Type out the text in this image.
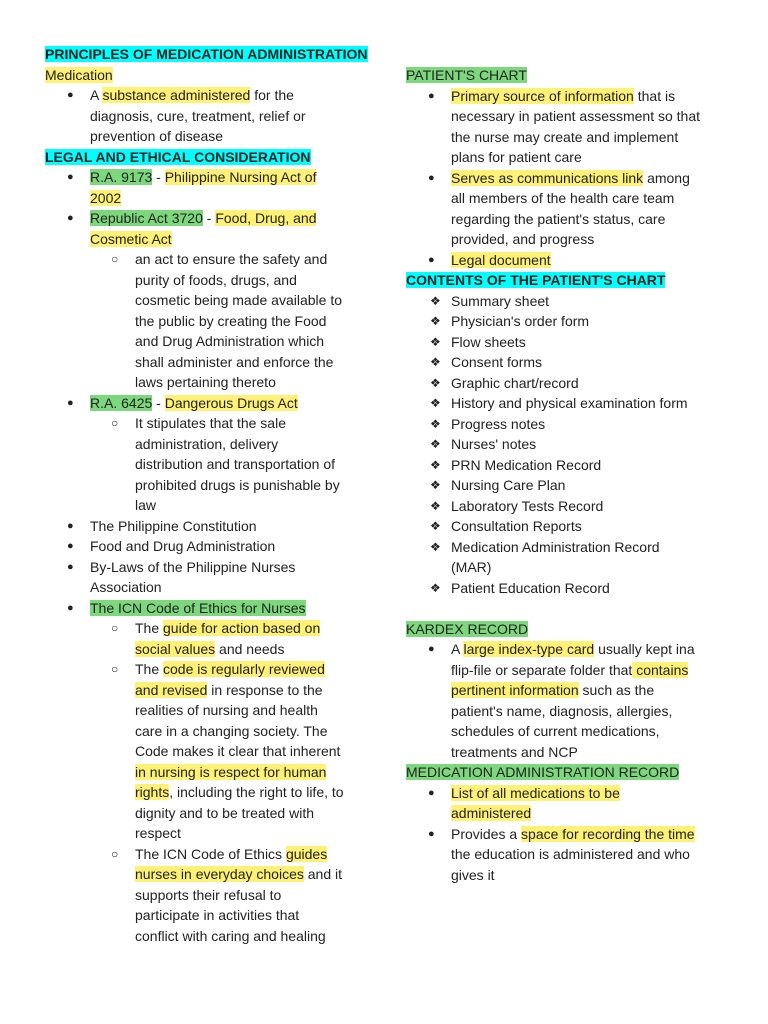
PRINCIPLES OF MEDICATION ADMINISTRATION
Medication
● A substance administered for the
diagnosis, cure, treatment, relief or
prevention of disease
LEGAL AND ETHICAL CONSIDERATION
● R.A. 9173 - Philippine Nursing Act of
2002
● Republic Act 3720 - Food, Drug, and
Cosmetic Act
○ an act to ensure the safety and
purity of foods, drugs, and
cosmetic being made available to
the public by creating the Food
and Drug Administration which
shall administer and enforce the
laws pertaining thereto
● R.A. 6425 - Dangerous Drugs Act
○ It stipulates that the sale
administration, delivery
distribution and transportation of
prohibited drugs is punishable by
law
● The Philippine Constitution
● Food and Drug Administration
● By-Laws of the Philippine Nurses
Association
● The ICN Code of Ethics for Nurses
○ The guide for action based on
social values and needs
○ The code is regularly reviewed
and revised in response to the
realities of nursing and health
care in a changing society. The
Code makes it clear that inherent
in nursing is respect for human
rights, including the right to life, to
dignity and to be treated with
respect
○ The ICN Code of Ethics guides
nurses in everyday choices and it
supports their refusal to
participate in activities that
conflict with caring and healing
PATIENT'S CHART
● Primary source of information that is
necessary in patient assessment so that
the nurse may create and implement
plans for patient care
● Serves as communications link among
all members of the health care team
regarding the patient's status, care
provided, and progress
● Legal document
CONTENTS OF THE PATIENT'S CHART
❖ Summary sheet
❖ Physician's order form
❖ Flow sheets
❖ Consent forms
❖ Graphic chart/record
❖ History and physical examination form
❖ Progress notes
❖ Nurses' notes
❖ PRN Medication Record
❖ Nursing Care Plan
❖ Laboratory Tests Record
❖ Consultation Reports
❖ Medication Administration Record
(MAR)
❖ Patient Education Record
KARDEX RECORD
● A large index-type card usually kept ina
flip-file or separate folder that contains
pertinent information such as the
patient's name, diagnosis, allergies,
schedules of current medications,
treatments and NCP
MEDICATION ADMINISTRATION RECORD
● List of all medications to be
administered
● Provides a space for recording the time
the education is administered and who
gives it
